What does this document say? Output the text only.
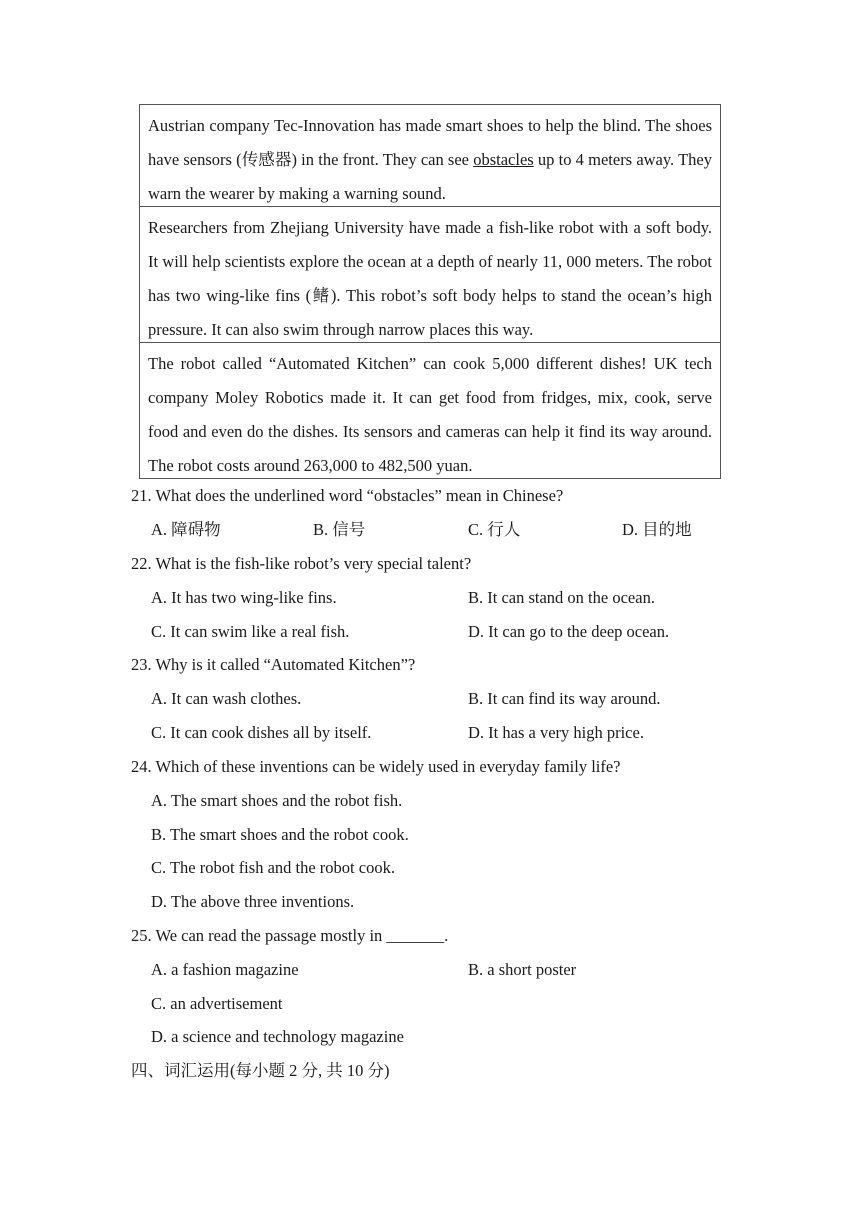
Austrian company Tec-Innovation has made smart shoes to help the blind. The shoes have sensors (传感器) in the front. They can see obstacles up to 4 meters away. They warn the wearer by making a warning sound.
Researchers from Zhejiang University have made a fish-like robot with a soft body. It will help scientists explore the ocean at a depth of nearly 11, 000 meters. The robot has two wing-like fins (鳍). This robot’s soft body helps to stand the ocean’s high pressure. It can also swim through narrow places this way.
The robot called “Automated Kitchen” can cook 5,000 different dishes! UK tech company Moley Robotics made it. It can get food from fridges, mix, cook, serve food and even do the dishes. Its sensors and cameras can help it find its way around. The robot costs around 263,000 to 482,500 yuan.
21. What does the underlined word “obstacles” mean in Chinese?
A. 障碍物	B. 信号	C. 行人	D. 目的地
22. What is the fish-like robot’s very special talent?
A. It has two wing-like fins.	B. It can stand on the ocean.
C. It can swim like a real fish.	D. It can go to the deep ocean.
23. Why is it called “Automated Kitchen”?
A. It can wash clothes.	B. It can find its way around.
C. It can cook dishes all by itself.	D. It has a very high price.
24. Which of these inventions can be widely used in everyday family life?
A. The smart shoes and the robot fish.
B. The smart shoes and the robot cook.
C. The robot fish and the robot cook.
D. The above three inventions.
25. We can read the passage mostly in _______.
A. a fashion magazine	B. a short poster
C. an advertisement
D. a science and technology magazine
四、词汇运用(每小题 2 分, 共 10 分)
